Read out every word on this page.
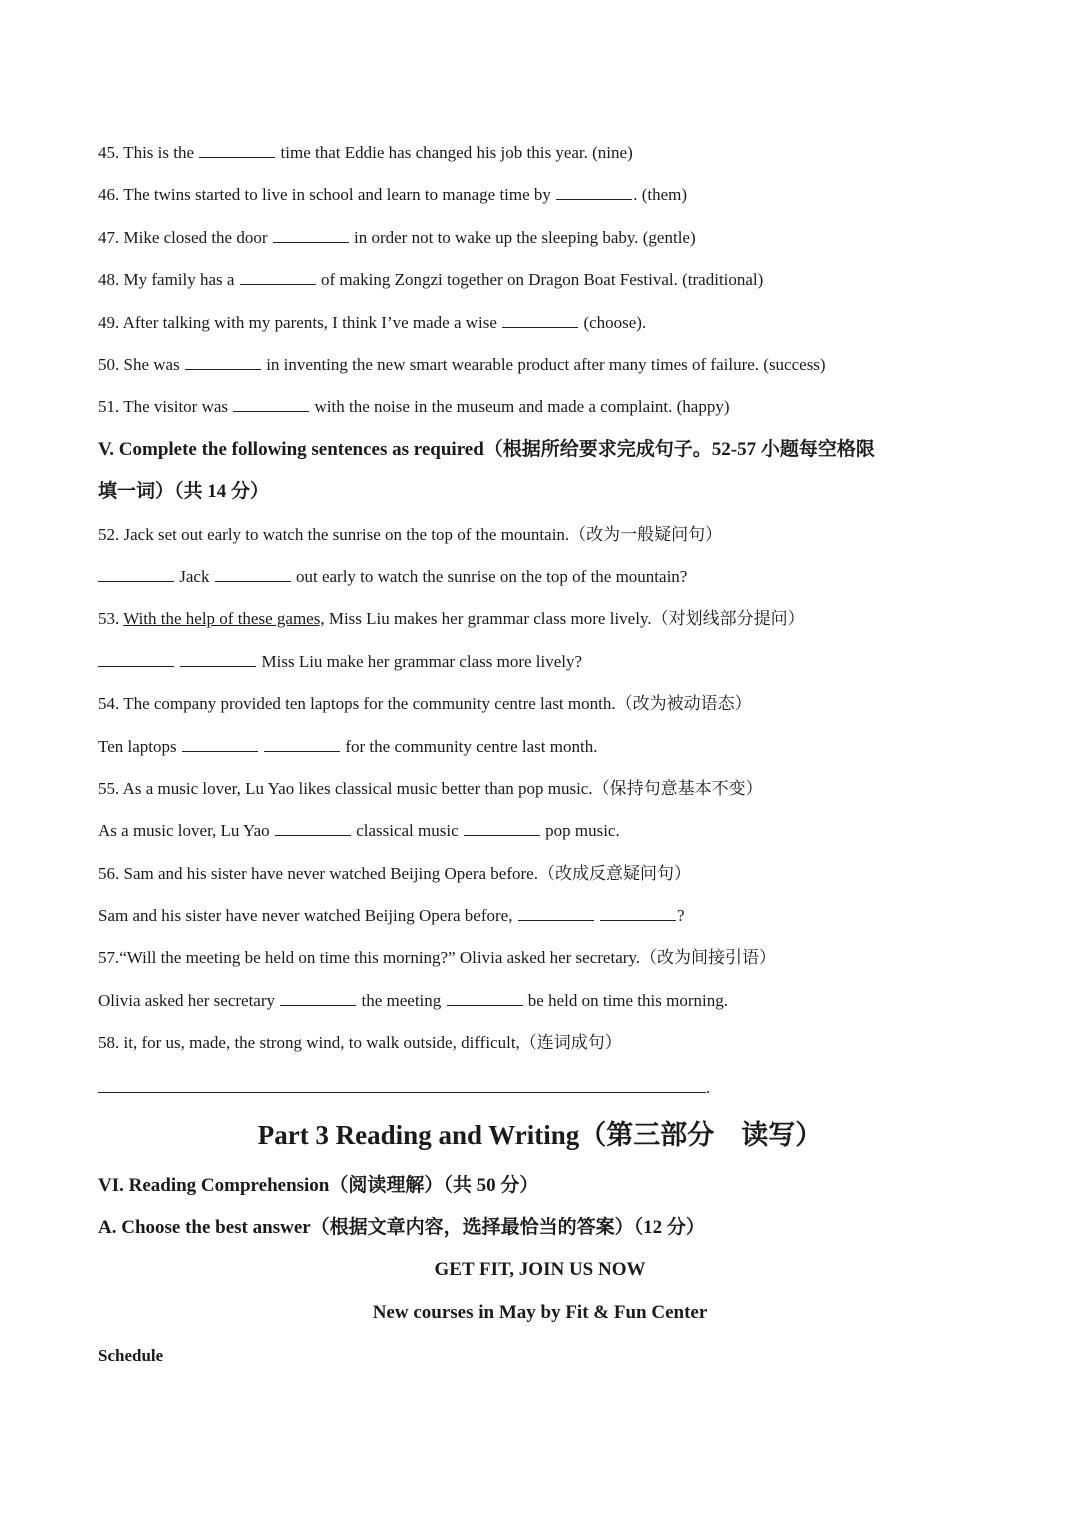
45. This is the	time that Eddie has changed his job this year. (nine)
46. The twins started to live in school and learn to manage time by	. (them)
47. Mike closed the door	in order not to wake up the sleeping baby. (gentle)
48. My family has a	of making Zongzi together on Dragon Boat Festival. (traditional)
49. After talking with my parents, I think I’ve made a wise	(choose).
50. She was	in inventing the new smart wearable product after many times of failure. (success)
51. The visitor was	with the noise in the museum and made a complaint. (happy)
V. Complete the following sentences as required（根据所给要求完成句子。52-57 小题每空格限
填一词）（共 14 分）
52. Jack set out early to watch the sunrise on the top of the mountain.（改为一般疑问句）
Jack	out early to watch the sunrise on the top of the mountain?
53. With the help of these games, Miss Liu makes her grammar class more lively.（对划线部分提问）
Miss Liu make her grammar class more lively?
54. The company provided ten laptops for the community centre last month.（改为被动语态）
Ten laptops	for the community centre last month.
55. As a music lover, Lu Yao likes classical music better than pop music.（保持句意基本不变）
As a music lover, Lu Yao	classical music	pop music.
56. Sam and his sister have never watched Beijing Opera before.（改成反意疑问句）
Sam and his sister have never watched Beijing Opera before,	?
57.“Will the meeting be held on time this morning?” Olivia asked her secretary.（改为间接引语）
Olivia asked her secretary	the meeting	be held on time this morning.
58. it, for us, made, the strong wind, to walk outside, difficult,（连词成句）
.
Part 3 Reading and Writing（第三部分　读写）
VI. Reading Comprehension（阅读理解）（共 50 分）
A. Choose the best answer（根据文章内容，选择最恰当的答案）（12 分）
GET FIT, JOIN US NOW
New courses in May by Fit & Fun Center
Schedule
